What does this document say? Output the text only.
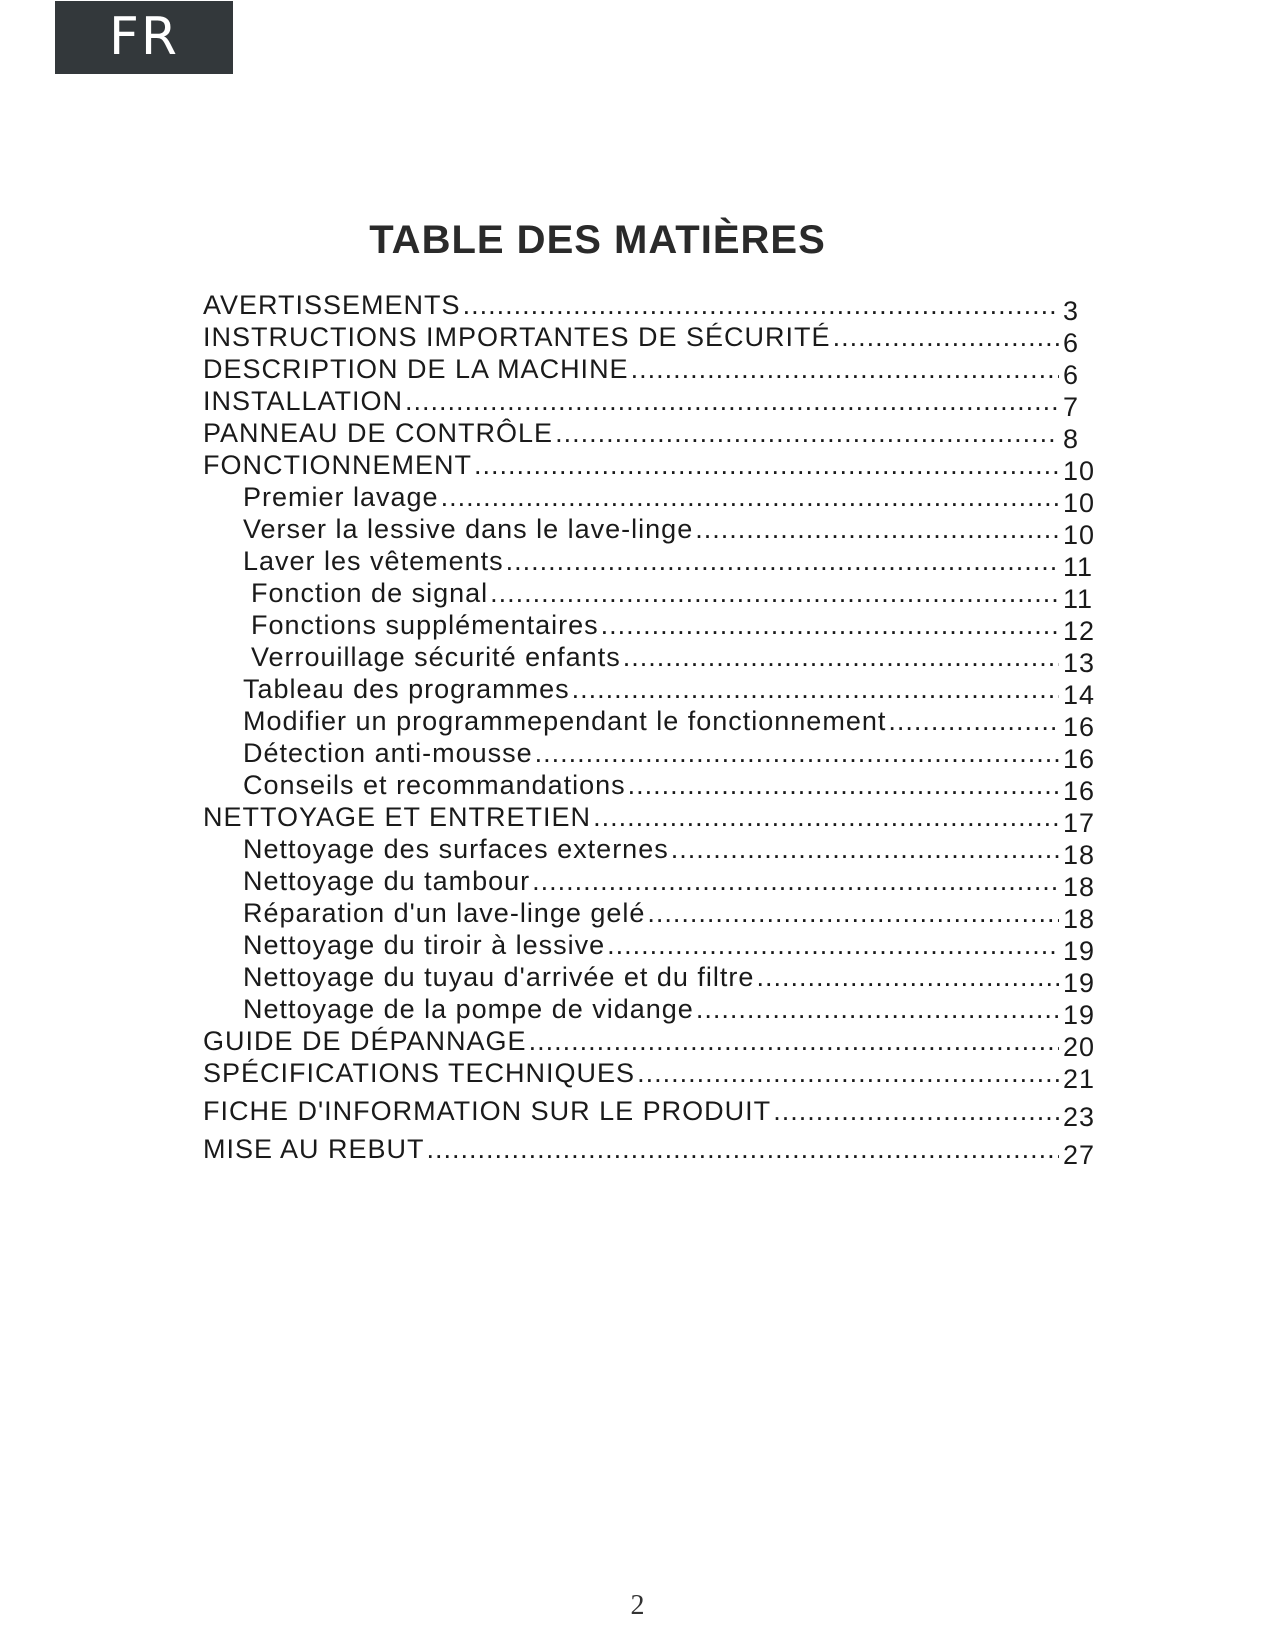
FR
TABLE DES MATIÈRES
AVERTISSEMENTS .....	3
INSTRUCTIONS IMPORTANTES DE SÉCURITÉ .....	6
DESCRIPTION DE LA MACHINE .....	6
INSTALLATION .....	7
PANNEAU DE CONTRÔLE .....	8
FONCTIONNEMENT .....	10
Premier lavage .....	10
Verser la lessive dans le lave-linge .....	10
Laver les vêtements .....	11
Fonction de signal .....	11
Fonctions supplémentaires .....	12
Verrouillage sécurité enfants .....	13
Tableau des programmes .....	14
Modifier un programmependant le fonctionnement .....	16
Détection anti-mousse .....	16
Conseils et recommandations .....	16
NETTOYAGE ET ENTRETIEN .....	17
Nettoyage des surfaces externes .....	18
Nettoyage du tambour .....	18
Réparation d'un lave-linge gelé .....	18
Nettoyage du tiroir à lessive .....	19
Nettoyage du tuyau d'arrivée et du filtre .....	19
Nettoyage de la pompe de vidange .....	19
GUIDE DE DÉPANNAGE .....	20
SPÉCIFICATIONS TECHNIQUES .....	21
FICHE D'INFORMATION SUR LE PRODUIT .....	23
MISE AU REBUT .....	27
2
